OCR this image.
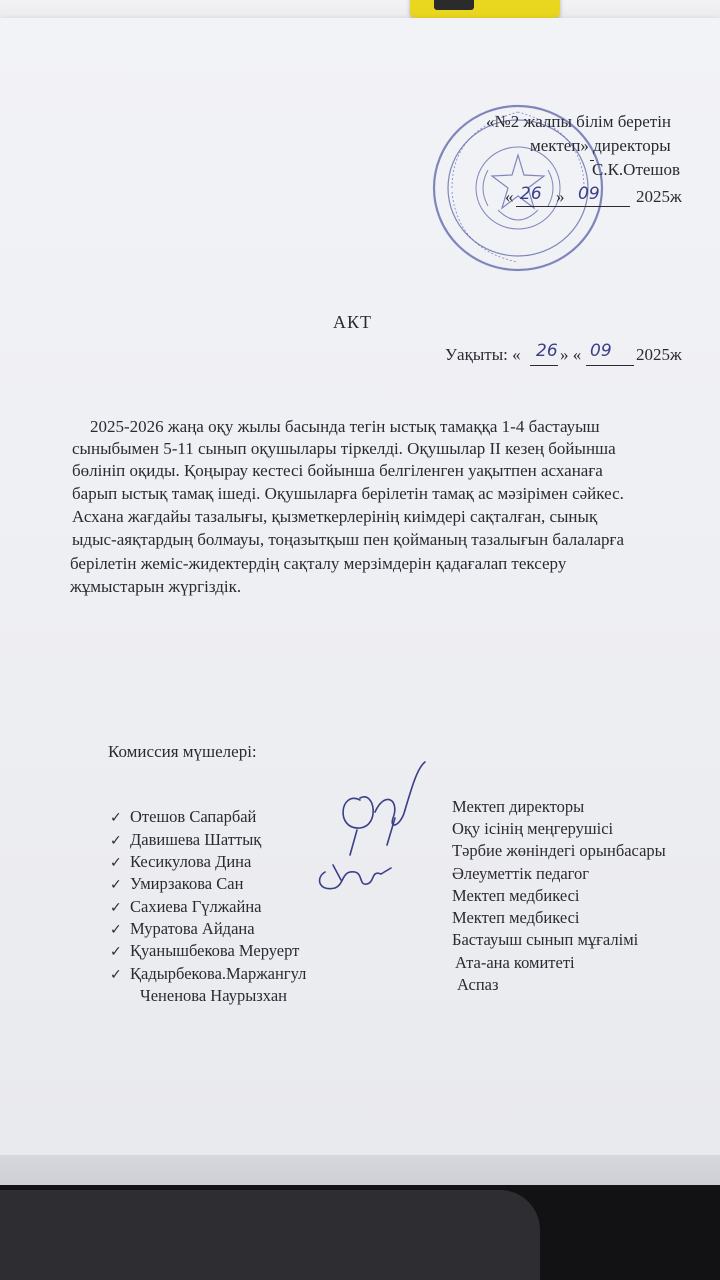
«№2 жалпы білім беретін
мектеп» директоры
С.К.Отешов
« 26 » 09 2025ж
АКТ
Уақыты: « 26 » « 09 2025ж
2025-2026 жаңа оқу жылы басында тегін ыстық тамаққа 1-4 бастауыш
сыныбымен 5-11 сынып оқушылары тіркелді. Оқушылар ІІ кезең бойынша
бөлініп оқиды. Қоңырау кестесі бойынша белгіленген уақытпен асханаға
барып ыстық тамақ ішеді. Оқушыларға берілетін тамақ ас мәзірімен сәйкес.
Асхана жағдайы тазалығы, қызметкерлерінің киімдері сақталған, сынық
ыдыс-аяқтардың болмауы, тоңазытқыш пен қойманың тазалығын балаларға
берілетін жеміс-жидектердің сақталу мерзімдерін қадағалап тексеру
жұмыстарын жүргіздік.
Комиссия мүшелері:
✓ Отешов Сапарбай
Мектеп директоры
✓ Давишева Шаттық
Оқу ісінің меңгерушісі
✓ Кесикулова Дина
Тәрбие жөніндегі орынбасары
✓ Умирзакова Сан
Әлеуметтік педагог
✓ Сахиева Гүлжайна
Мектеп медбикесі
✓ Муратова Айдана
Мектеп медбикесі
✓ Қуанышбекова Меруерт
Бастауыш сынып мұғалімі
✓ Қадырбекова.Маржангул
Ата-ана комитеті
Чененова Наурызхан
Аспаз
